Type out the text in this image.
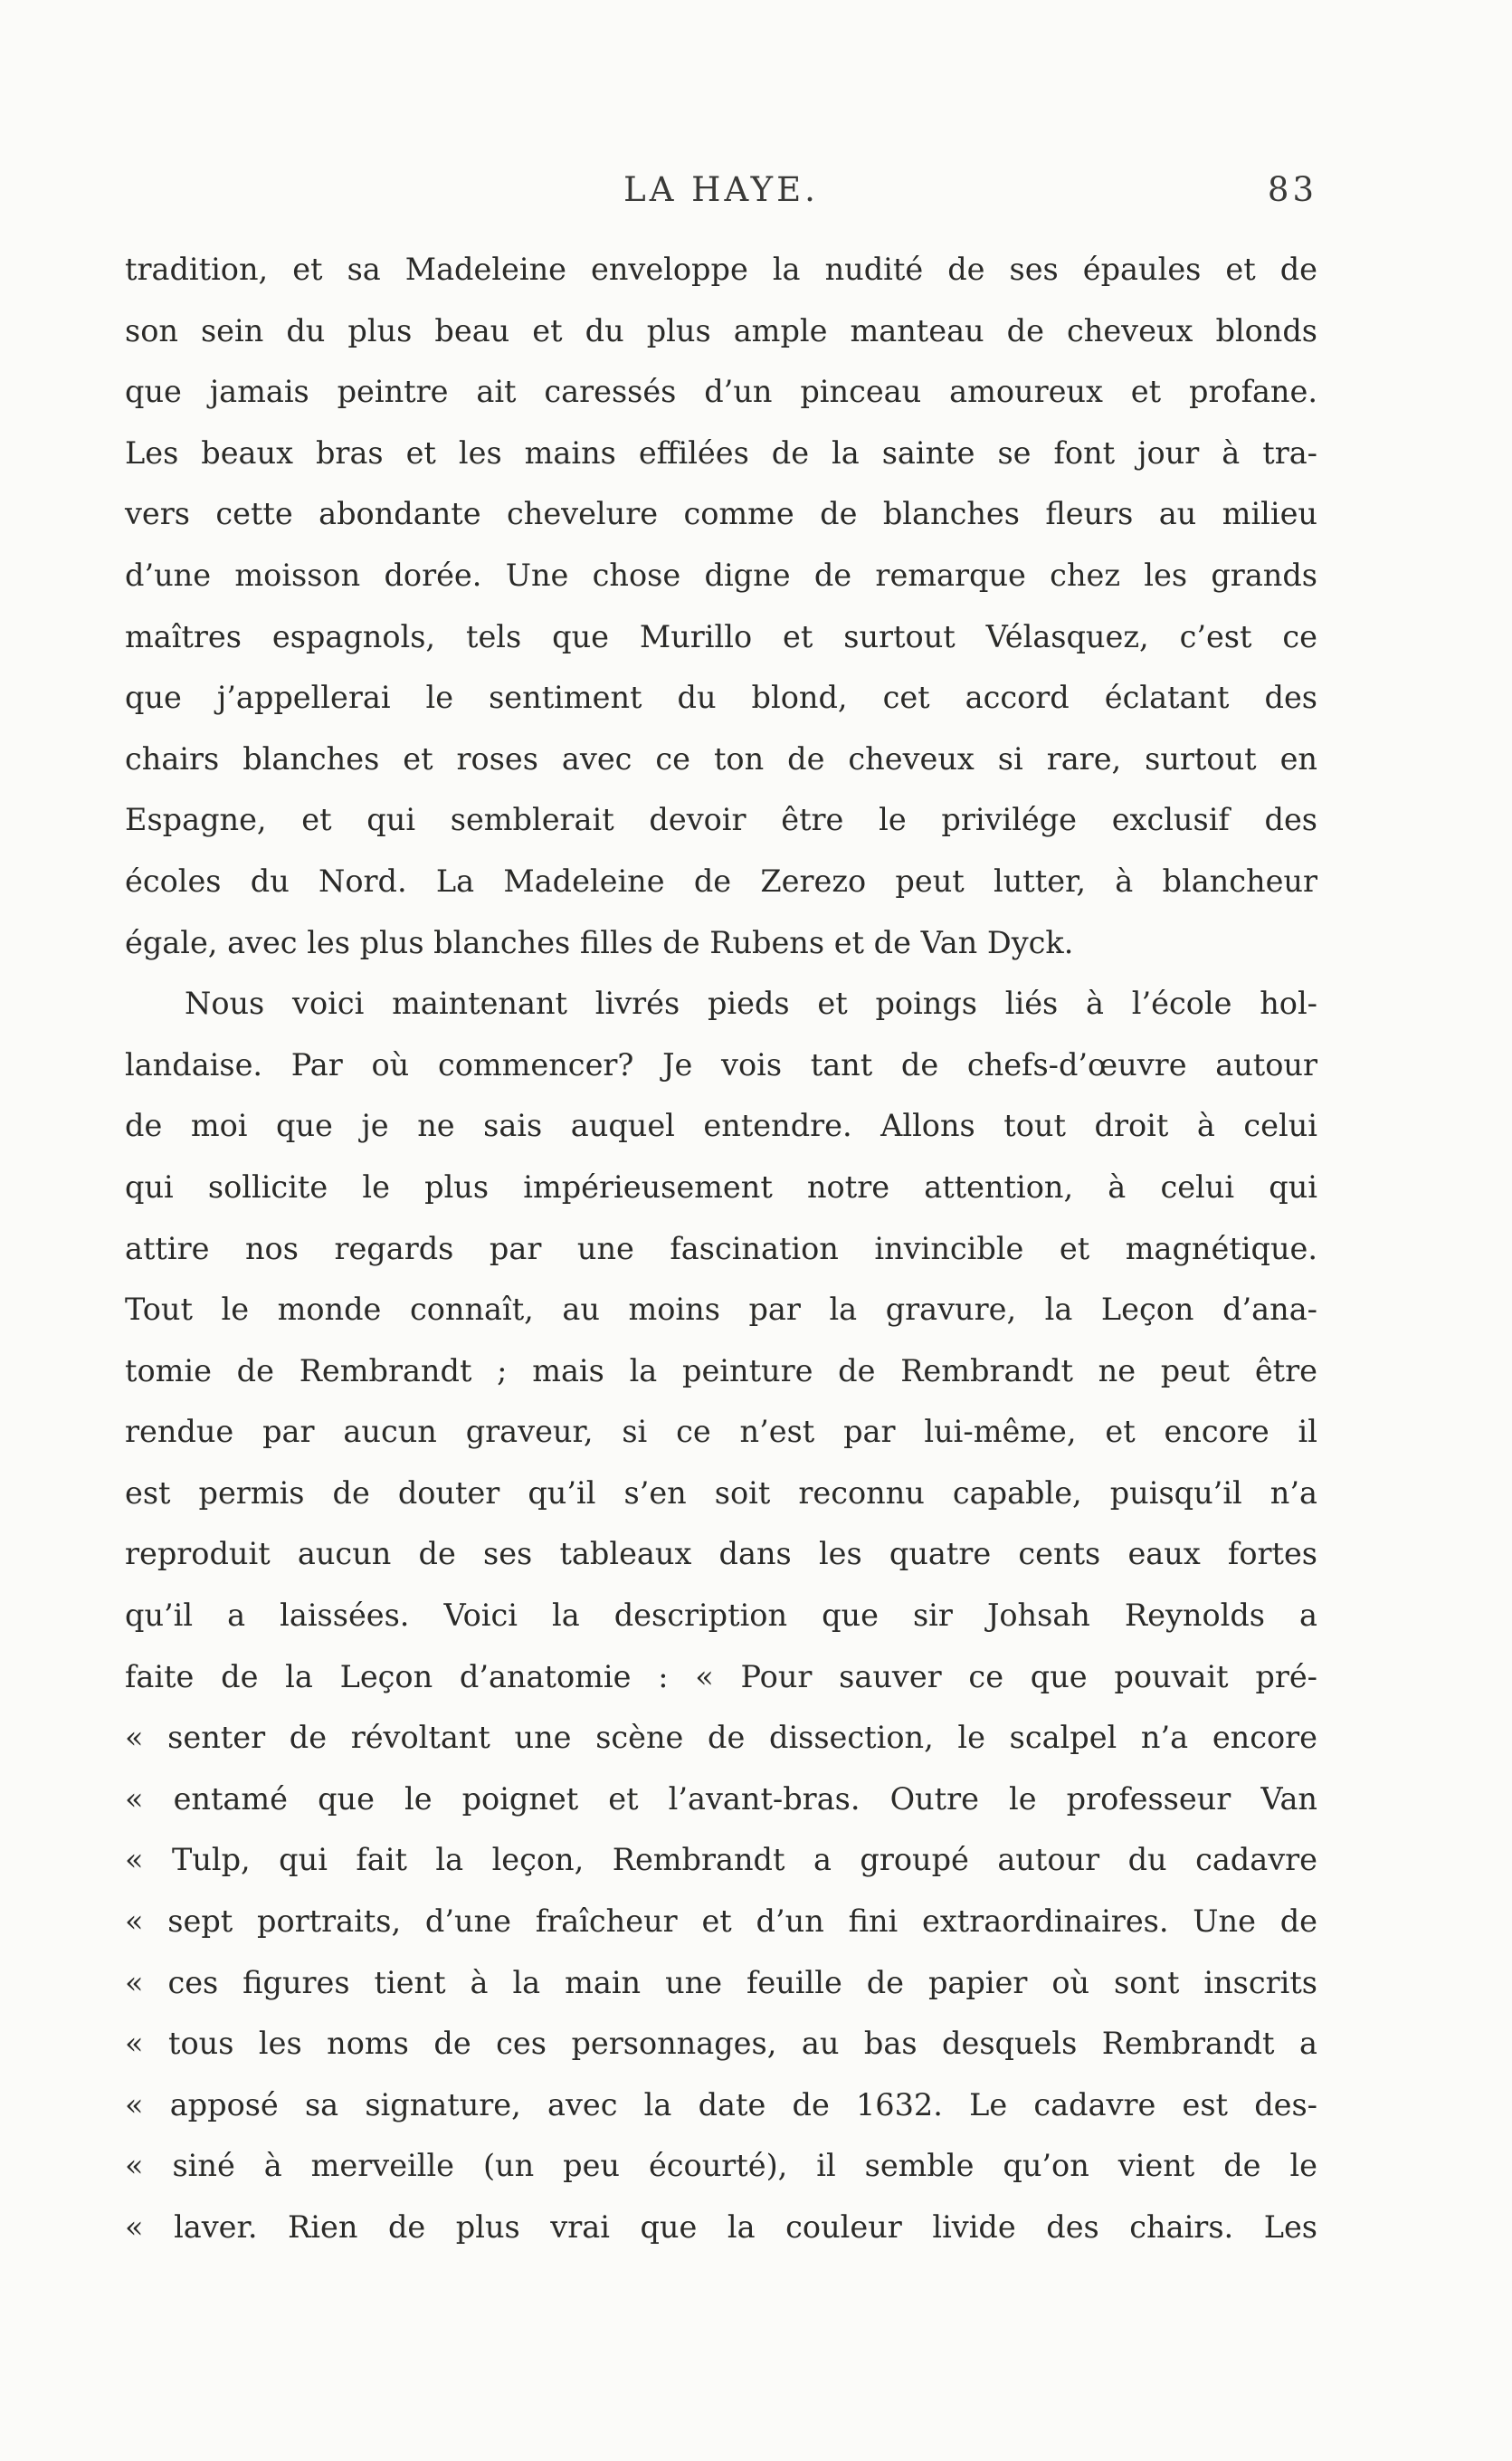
LA HAYE.	83
tradition, et sa Madeleine enveloppe la nudité de ses épaules et de
son sein du plus beau et du plus ample manteau de cheveux blonds
que jamais peintre ait caressés d’un pinceau amoureux et profane.
Les beaux bras et les mains effilées de la sainte se font jour à tra-
vers cette abondante chevelure comme de blanches fleurs au milieu
d’une moisson dorée. Une chose digne de remarque chez les grands
maîtres espagnols, tels que Murillo et surtout Vélasquez, c’est ce
que j’appellerai le sentiment du blond, cet accord éclatant des
chairs blanches et roses avec ce ton de cheveux si rare, surtout en
Espagne, et qui semblerait devoir être le privilége exclusif des
écoles du Nord. La Madeleine de Zerezo peut lutter, à blancheur
égale, avec les plus blanches filles de Rubens et de Van Dyck.
Nous voici maintenant livrés pieds et poings liés à l’école hol-
landaise. Par où commencer? Je vois tant de chefs-d’œuvre autour
de moi que je ne sais auquel entendre. Allons tout droit à celui
qui sollicite le plus impérieusement notre attention, à celui qui
attire nos regards par une fascination invincible et magnétique.
Tout le monde connaît, au moins par la gravure, la Leçon d’ana-
tomie de Rembrandt ; mais la peinture de Rembrandt ne peut être
rendue par aucun graveur, si ce n’est par lui-même, et encore il
est permis de douter qu’il s’en soit reconnu capable, puisqu’il n’a
reproduit aucun de ses tableaux dans les quatre cents eaux fortes
qu’il a laissées. Voici la description que sir Johsah Reynolds a
faite de la Leçon d’anatomie : « Pour sauver ce que pouvait pré-
« senter de révoltant une scène de dissection, le scalpel n’a encore
« entamé que le poignet et l’avant-bras. Outre le professeur Van
« Tulp, qui fait la leçon, Rembrandt a groupé autour du cadavre
« sept portraits, d’une fraîcheur et d’un fini extraordinaires. Une de
« ces figures tient à la main une feuille de papier où sont inscrits
« tous les noms de ces personnages, au bas desquels Rembrandt a
« apposé sa signature, avec la date de 1632. Le cadavre est des-
« siné à merveille (un peu écourté), il semble qu’on vient de le
« laver. Rien de plus vrai que la couleur livide des chairs. Les
